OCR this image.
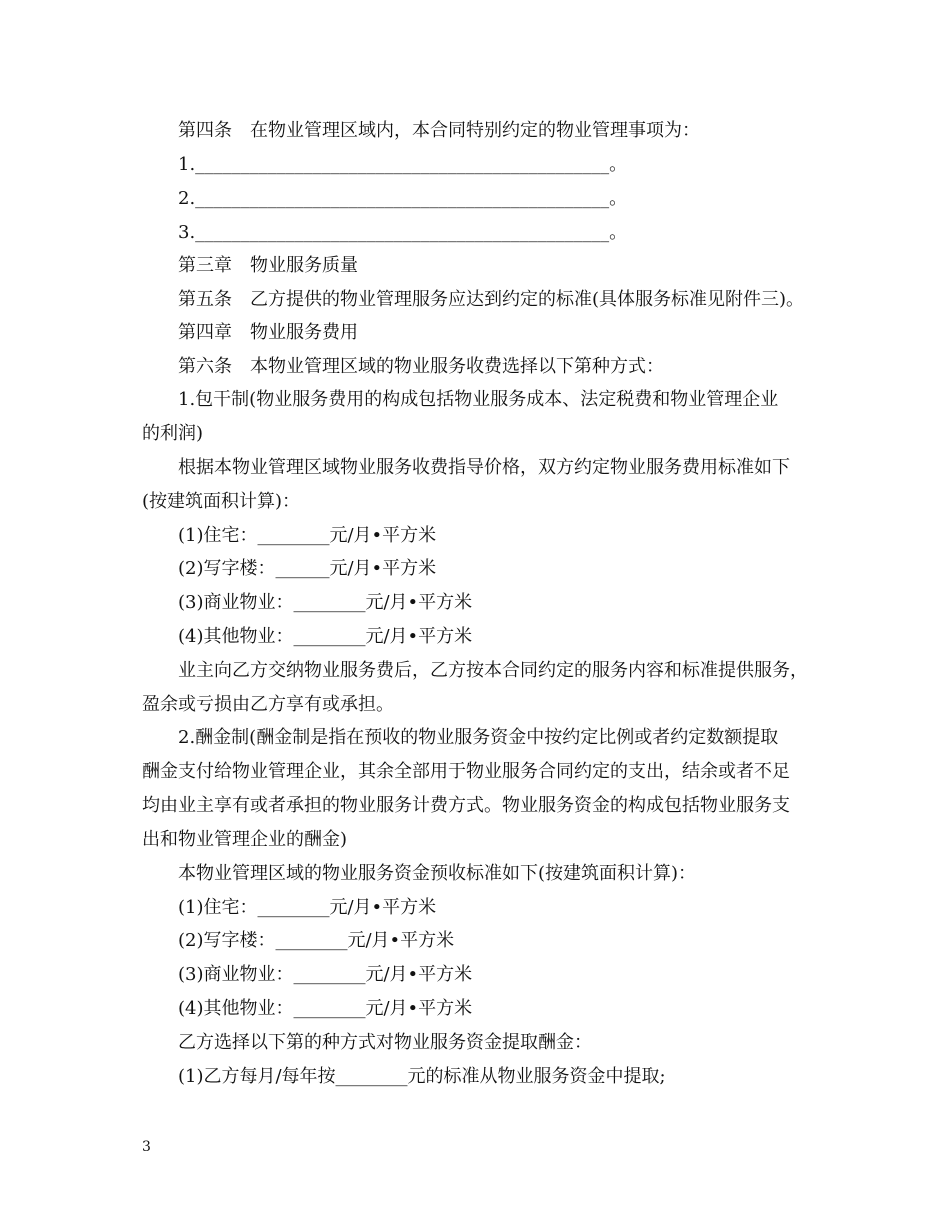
第四条　在物业管理区域内，本合同特别约定的物业管理事项为：
1.______________________________________________。
2.______________________________________________。
3.______________________________________________。
第三章　物业服务质量
第五条　乙方提供的物业管理服务应达到约定的标准(具体服务标准见附件三)。
第四章　物业服务费用
第六条　本物业管理区域的物业服务收费选择以下第种方式：
1.包干制(物业服务费用的构成包括物业服务成本、法定税费和物业管理企业
的利润)
根据本物业管理区域物业服务收费指导价格，双方约定物业服务费用标准如下
(按建筑面积计算)：
(1)住宅：________元/月•平方米
(2)写字楼：______元/月•平方米
(3)商业物业：________元/月•平方米
(4)其他物业：________元/月•平方米
业主向乙方交纳物业服务费后，乙方按本合同约定的服务内容和标准提供服务，
盈余或亏损由乙方享有或承担。
2.酬金制(酬金制是指在预收的物业服务资金中按约定比例或者约定数额提取
酬金支付给物业管理企业，其余全部用于物业服务合同约定的支出，结余或者不足
均由业主享有或者承担的物业服务计费方式。物业服务资金的构成包括物业服务支
出和物业管理企业的酬金)
本物业管理区域的物业服务资金预收标准如下(按建筑面积计算)：
(1)住宅：________元/月•平方米
(2)写字楼：________元/月•平方米
(3)商业物业：________元/月•平方米
(4)其他物业：________元/月•平方米
乙方选择以下第的种方式对物业服务资金提取酬金：
(1)乙方每月/每年按________元的标准从物业服务资金中提取;
3
